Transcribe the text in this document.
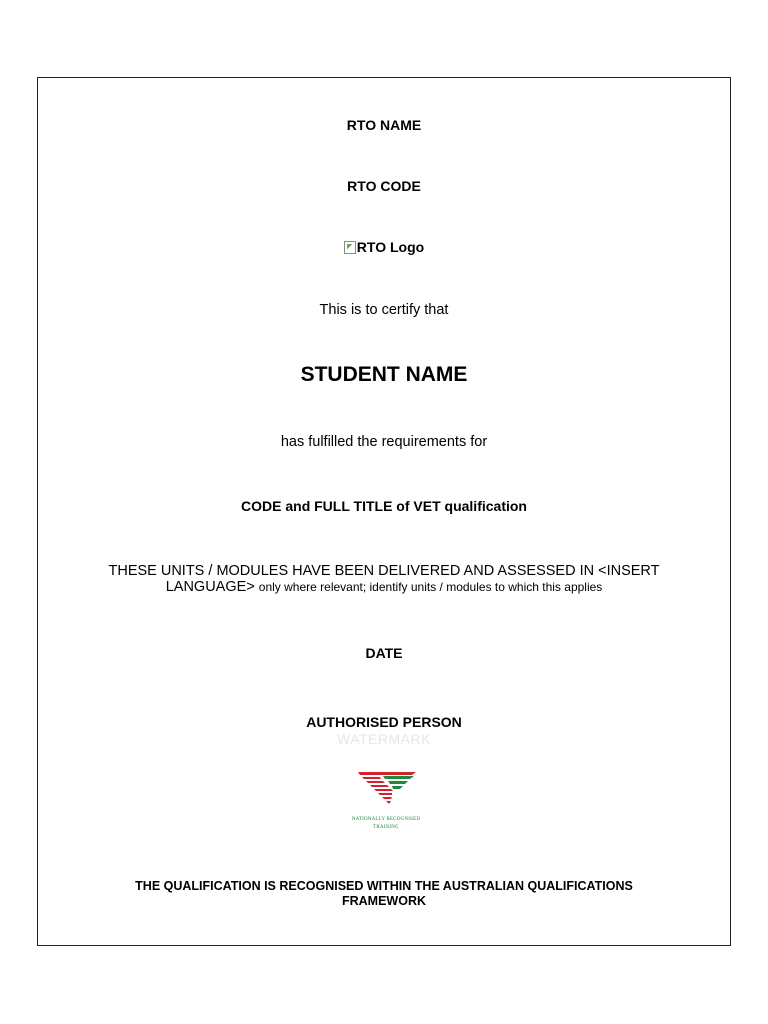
RTO NAME
RTO CODE
RTO Logo
This is to certify that
STUDENT NAME
has fulfilled the requirements for
CODE and FULL TITLE of VET qualification
THESE UNITS / MODULES HAVE BEEN DELIVERED AND ASSESSED IN <INSERT
LANGUAGE> only where relevant; identify units / modules to which this applies
DATE
AUTHORISED PERSON
WATERMARK
NATIONALLY RECOGNISED
TRAINING
THE QUALIFICATION IS RECOGNISED WITHIN THE AUSTRALIAN QUALIFICATIONS
FRAMEWORK
